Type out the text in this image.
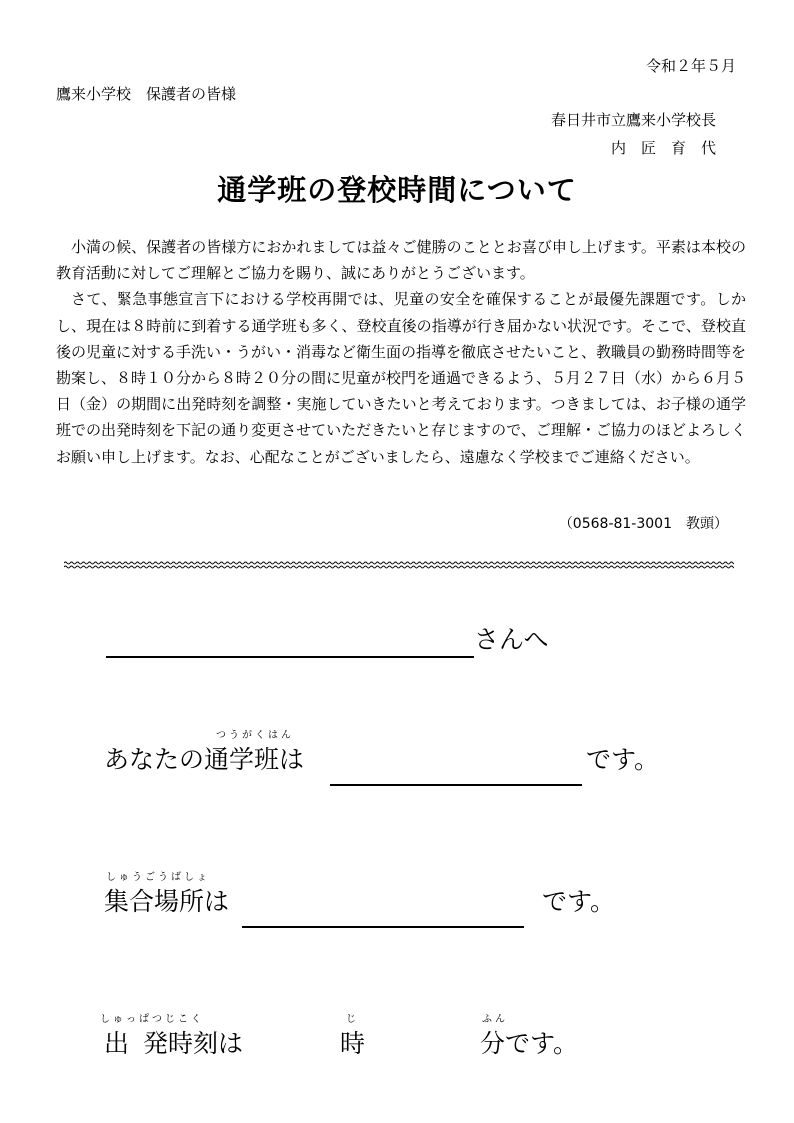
令和２年５月
鷹来小学校　保護者の皆様
春日井市立鷹来小学校長
内　匠　育　代
通学班の登校時間について

小満の候、保護者の皆様方におかれましては益々ご健勝のこととお喜び申し上げます。平素は本校の教育活動に対してご理解とご協力を賜り、誠にありがとうございます。

さて、緊急事態宣言下における学校再開では、児童の安全を確保することが最優先課題です。しかし、現在は８時前に到着する通学班も多く、登校直後の指導が行き届かない状況です。そこで、登校直後の児童に対する手洗い・うがい・消毒など衛生面の指導を徹底させたいこと、教職員の勤務時間等を勘案し、８時１０分から８時２０分の間に児童が校門を通過できるよう、５月２７日（水）から６月５日（金）の期間に出発時刻を調整・実施していきたいと考えております。つきましては、お子様の通学班での出発時刻を下記の通り変更させていただきたいと存じますので、ご理解・ご協力のほどよろしくお願い申し上げます。なお、心配なことがございましたら、遠慮なく学校までご連絡ください。

（0568-81-3001　教頭）
さんへ
つうがくはん
あなたの通学班は	です。
しゅうごうばしょ
集合場所は	です。
しゅっぱつじこく
出 発時刻は
じ
時
ふん
分 です。
